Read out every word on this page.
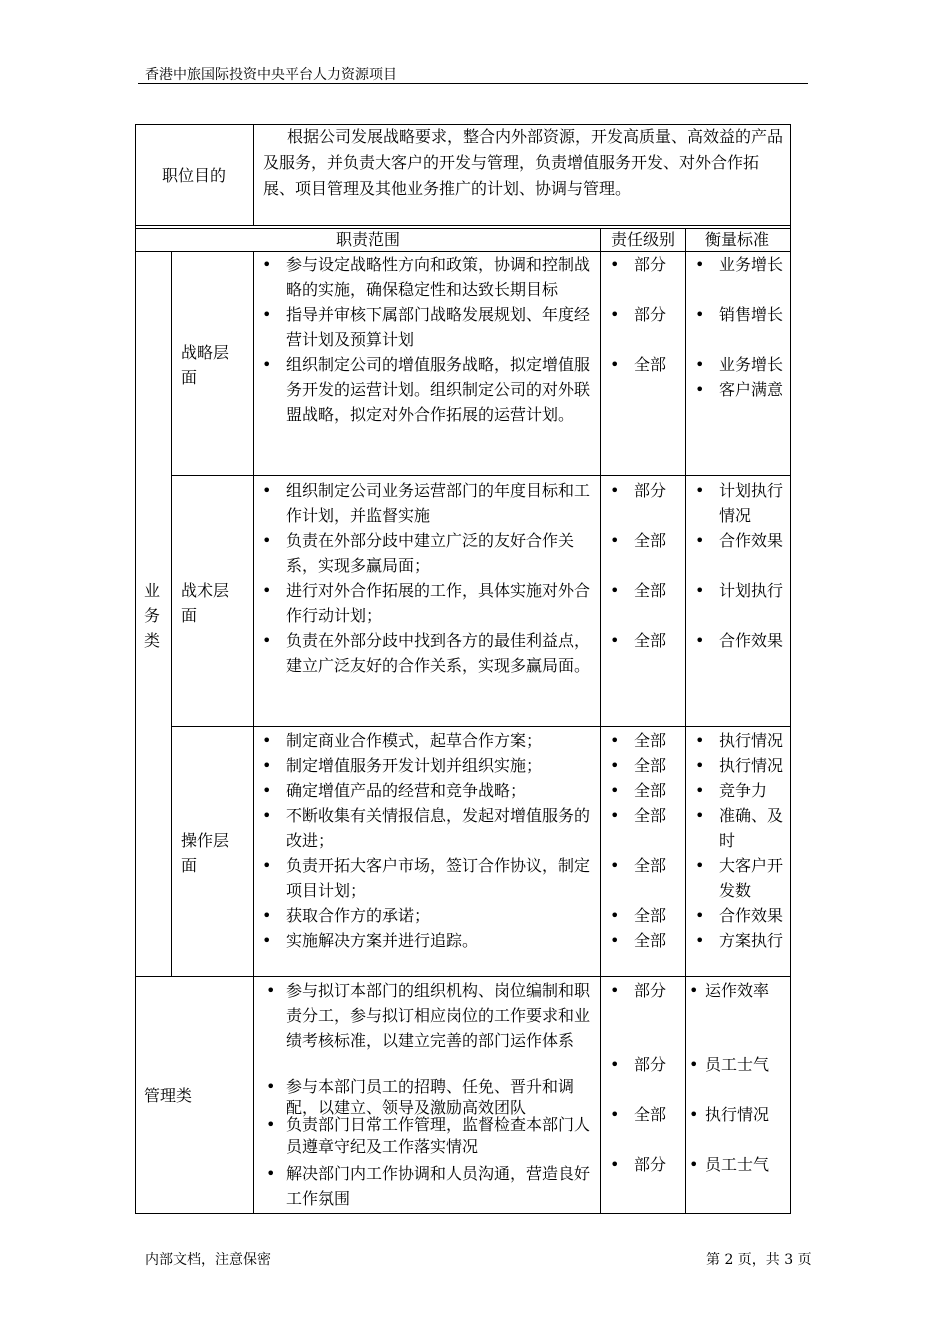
香港中旅国际投资中央平台人力资源项目
内部文档，注意保密	第 2 页，共 3 页
职位目的
根据公司发展战略要求，整合内外部资源，开发高质量、高效益的产品及服务，并负责大客户的开发与管理，负责增值服务开发、对外合作拓展、项目管理及其他业务推广的计划、协调与管理。
职责范围	责任级别 衡量标准
业务类
战略层面
• 参与设定战略性方向和政策，协调和控制战略的实施，确保稳定性和达致长期目标
• 指导并审核下属部门战略发展规划、年度经营计划及预算计划
• 组织制定公司的增值服务战略，拟定增值服务开发的运营计划。组织制定公司的对外联盟战略，拟定对外合作拓展的运营计划。
• 部分
• 部分
• 全部
• 业务增长
• 销售增长
• 业务增长
• 客户满意
战术层面
• 组织制定公司业务运营部门的年度目标和工作计划，并监督实施
• 负责在外部分歧中建立广泛的友好合作关系，实现多赢局面；
• 进行对外合作拓展的工作，具体实施对外合作行动计划；
• 负责在外部分歧中找到各方的最佳利益点，建立广泛友好的合作关系，实现多赢局面。
• 部分
• 全部
• 全部
• 全部
• 计划执行情况
• 合作效果
• 计划执行
• 合作效果
操作层面
• 制定商业合作模式，起草合作方案；
• 制定增值服务开发计划并组织实施；
• 确定增值产品的经营和竞争战略；
• 不断收集有关情报信息，发起对增值服务的改进；
• 负责开拓大客户市场，签订合作协议，制定项目计划；
• 获取合作方的承诺；
• 实施解决方案并进行追踪。
• 全部
• 全部
• 全部
• 全部
• 全部
• 全部
• 全部
• 执行情况
• 执行情况
• 竞争力
• 准确、及时
• 大客户开发数
• 合作效果
• 方案执行
管理类
• 参与拟订本部门的组织机构、岗位编制和职责分工，参与拟订相应岗位的工作要求和业绩考核标准，以建立完善的部门运作体系
• 参与本部门员工的招聘、任免、晋升和调配，以建立、领导及激励高效团队
• 负责部门日常工作管理，监督检查本部门人员遵章守纪及工作落实情况
• 解决部门内工作协调和人员沟通，营造良好工作氛围
• 部分
• 部分
• 全部
• 部分
• 运作效率
• 员工士气
• 执行情况
• 员工士气
